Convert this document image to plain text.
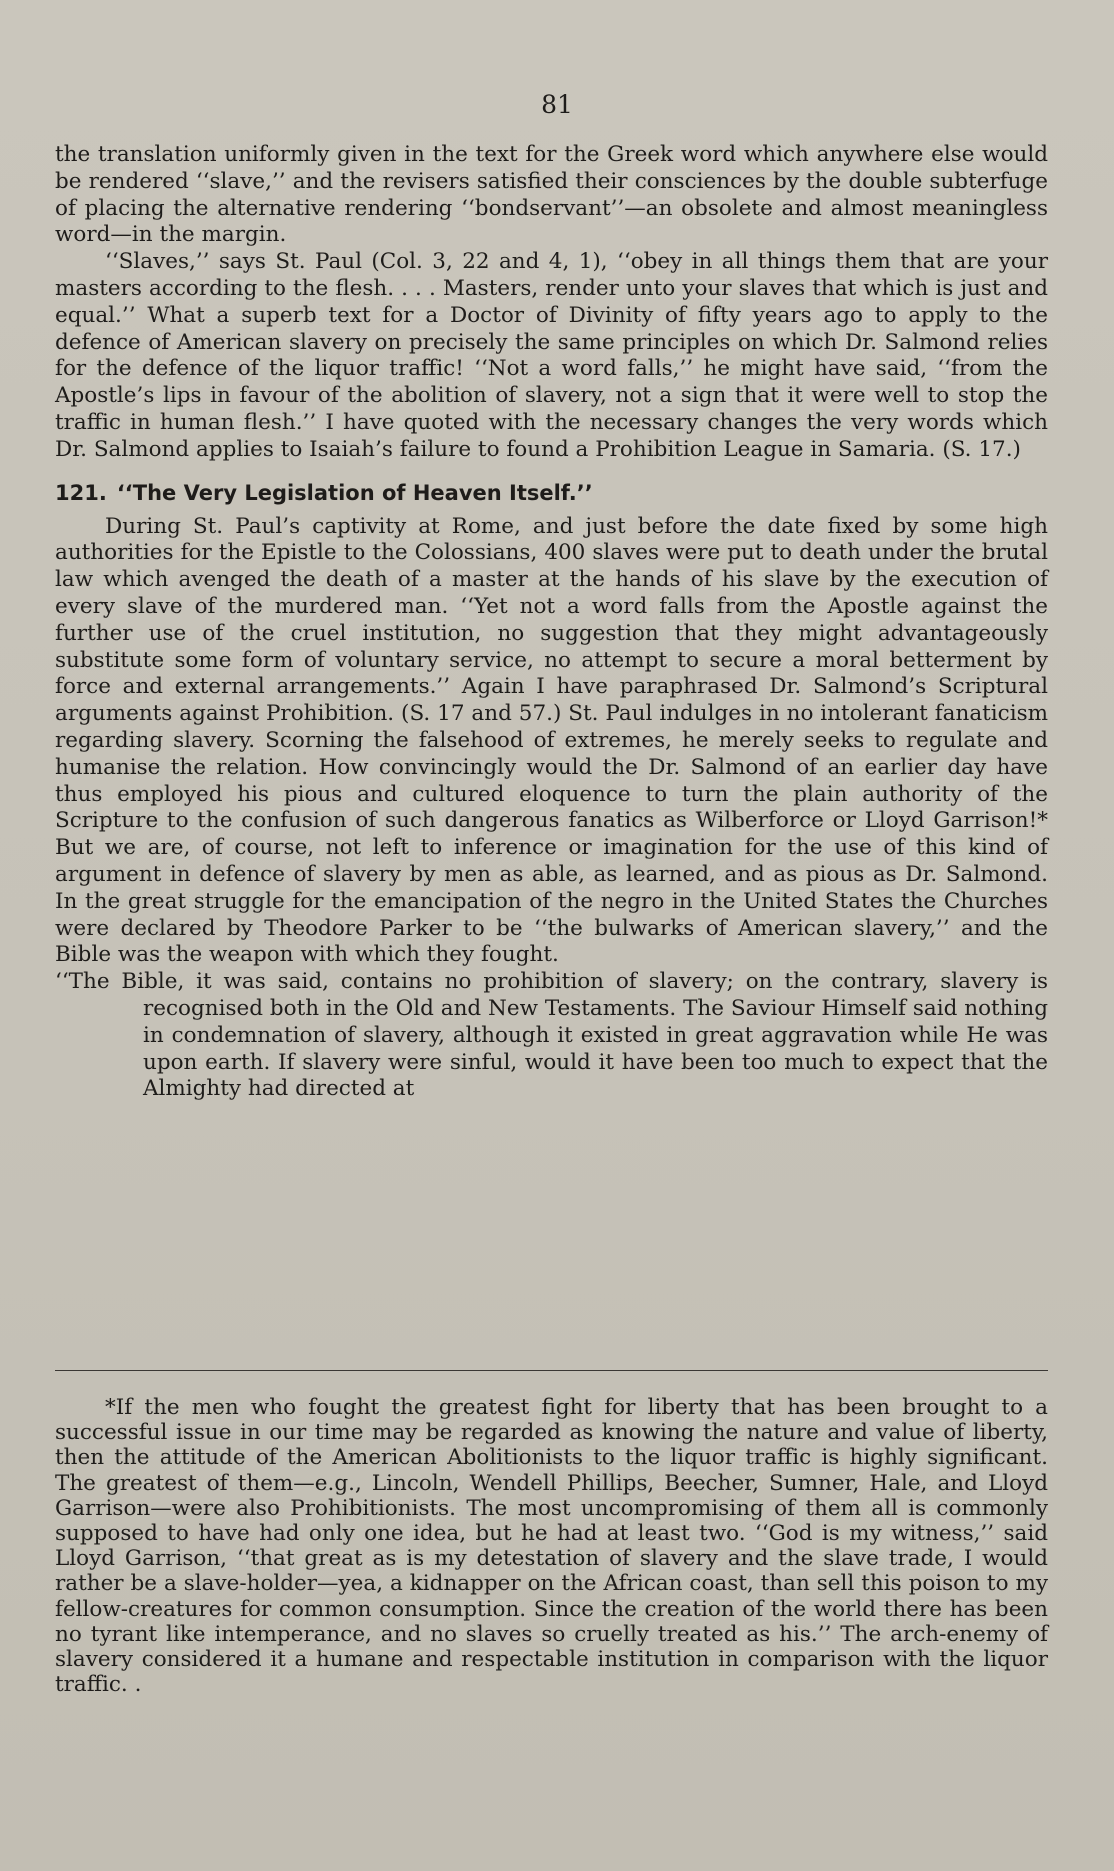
81

the translation uniformly given in the text for the Greek word which anywhere else would be rendered ‘‘slave,’’ and the revisers satisfied their consciences by the double subterfuge of placing the alternative rendering ‘‘bondservant’’—an obsolete and almost meaningless word—in the margin.

‘‘Slaves,’’ says St. Paul (Col. 3, 22 and 4, 1), ‘‘obey in all things them that are your masters according to the flesh. . . . Masters, render unto your slaves that which is just and equal.’’ What a superb text for a Doctor of Divinity of fifty years ago to apply to the defence of American slavery on precisely the same principles on which Dr. Salmond relies for the defence of the liquor traffic! ‘‘Not a word falls,’’ he might have said, ‘‘from the Apostle’s lips in favour of the abolition of slavery, not a sign that it were well to stop the traffic in human flesh.’’ I have quoted with the necessary changes the very words which Dr. Salmond applies to Isaiah’s failure to found a Prohibition League in Samaria. (S. 17.)

121. ‘‘The Very Legislation of Heaven Itself.’’

During St. Paul’s captivity at Rome, and just before the date fixed by some high authorities for the Epistle to the Colossians, 400 slaves were put to death under the brutal law which avenged the death of a master at the hands of his slave by the execution of every slave of the murdered man. ‘‘Yet not a word falls from the Apostle against the further use of the cruel institution, no suggestion that they might advantageously substitute some form of voluntary service, no attempt to secure a moral betterment by force and external arrangements.’’ Again I have paraphrased Dr. Salmond’s Scriptural arguments against Prohibition. (S. 17 and 57.) St. Paul indulges in no intolerant fanaticism regarding slavery. Scorning the falsehood of extremes, he merely seeks to regulate and humanise the relation. How convincingly would the Dr. Salmond of an earlier day have thus employed his pious and cultured eloquence to turn the plain authority of the Scripture to the confusion of such dangerous fanatics as Wilberforce or Lloyd Garrison!* But we are, of course, not left to inference or imagination for the use of this kind of argument in defence of slavery by men as able, as learned, and as pious as Dr. Salmond. In the great struggle for the emancipation of the negro in the United States the Churches were declared by Theodore Parker to be ‘‘the bulwarks of American slavery,’’ and the Bible was the weapon with which they fought.

‘‘The Bible, it was said, contains no prohibition of slavery; on the contrary, slavery is recognised both in the Old and New Testaments. The Saviour Himself said nothing in condemnation of slavery, although it existed in great aggravation while He was upon earth. If slavery were sinful, would it have been too much to expect that the Almighty had directed at

*If the men who fought the greatest fight for liberty that has been brought to a successful issue in our time may be regarded as knowing the nature and value of liberty, then the attitude of the American Abolitionists to the liquor traffic is highly significant. The greatest of them—e.g., Lincoln, Wendell Phillips, Beecher, Sumner, Hale, and Lloyd Garrison—were also Prohibitionists. The most uncompromising of them all is commonly supposed to have had only one idea, but he had at least two. ‘‘God is my witness,’’ said Lloyd Garrison, ‘‘that great as is my detestation of slavery and the slave trade, I would rather be a slave-holder—yea, a kidnapper on the African coast, than sell this poison to my fellow-creatures for common consumption. Since the creation of the world there has been no tyrant like intemperance, and no slaves so cruelly treated as his.’’ The arch-enemy of slavery considered it a humane and respectable institution in comparison with the liquor traffic. .
